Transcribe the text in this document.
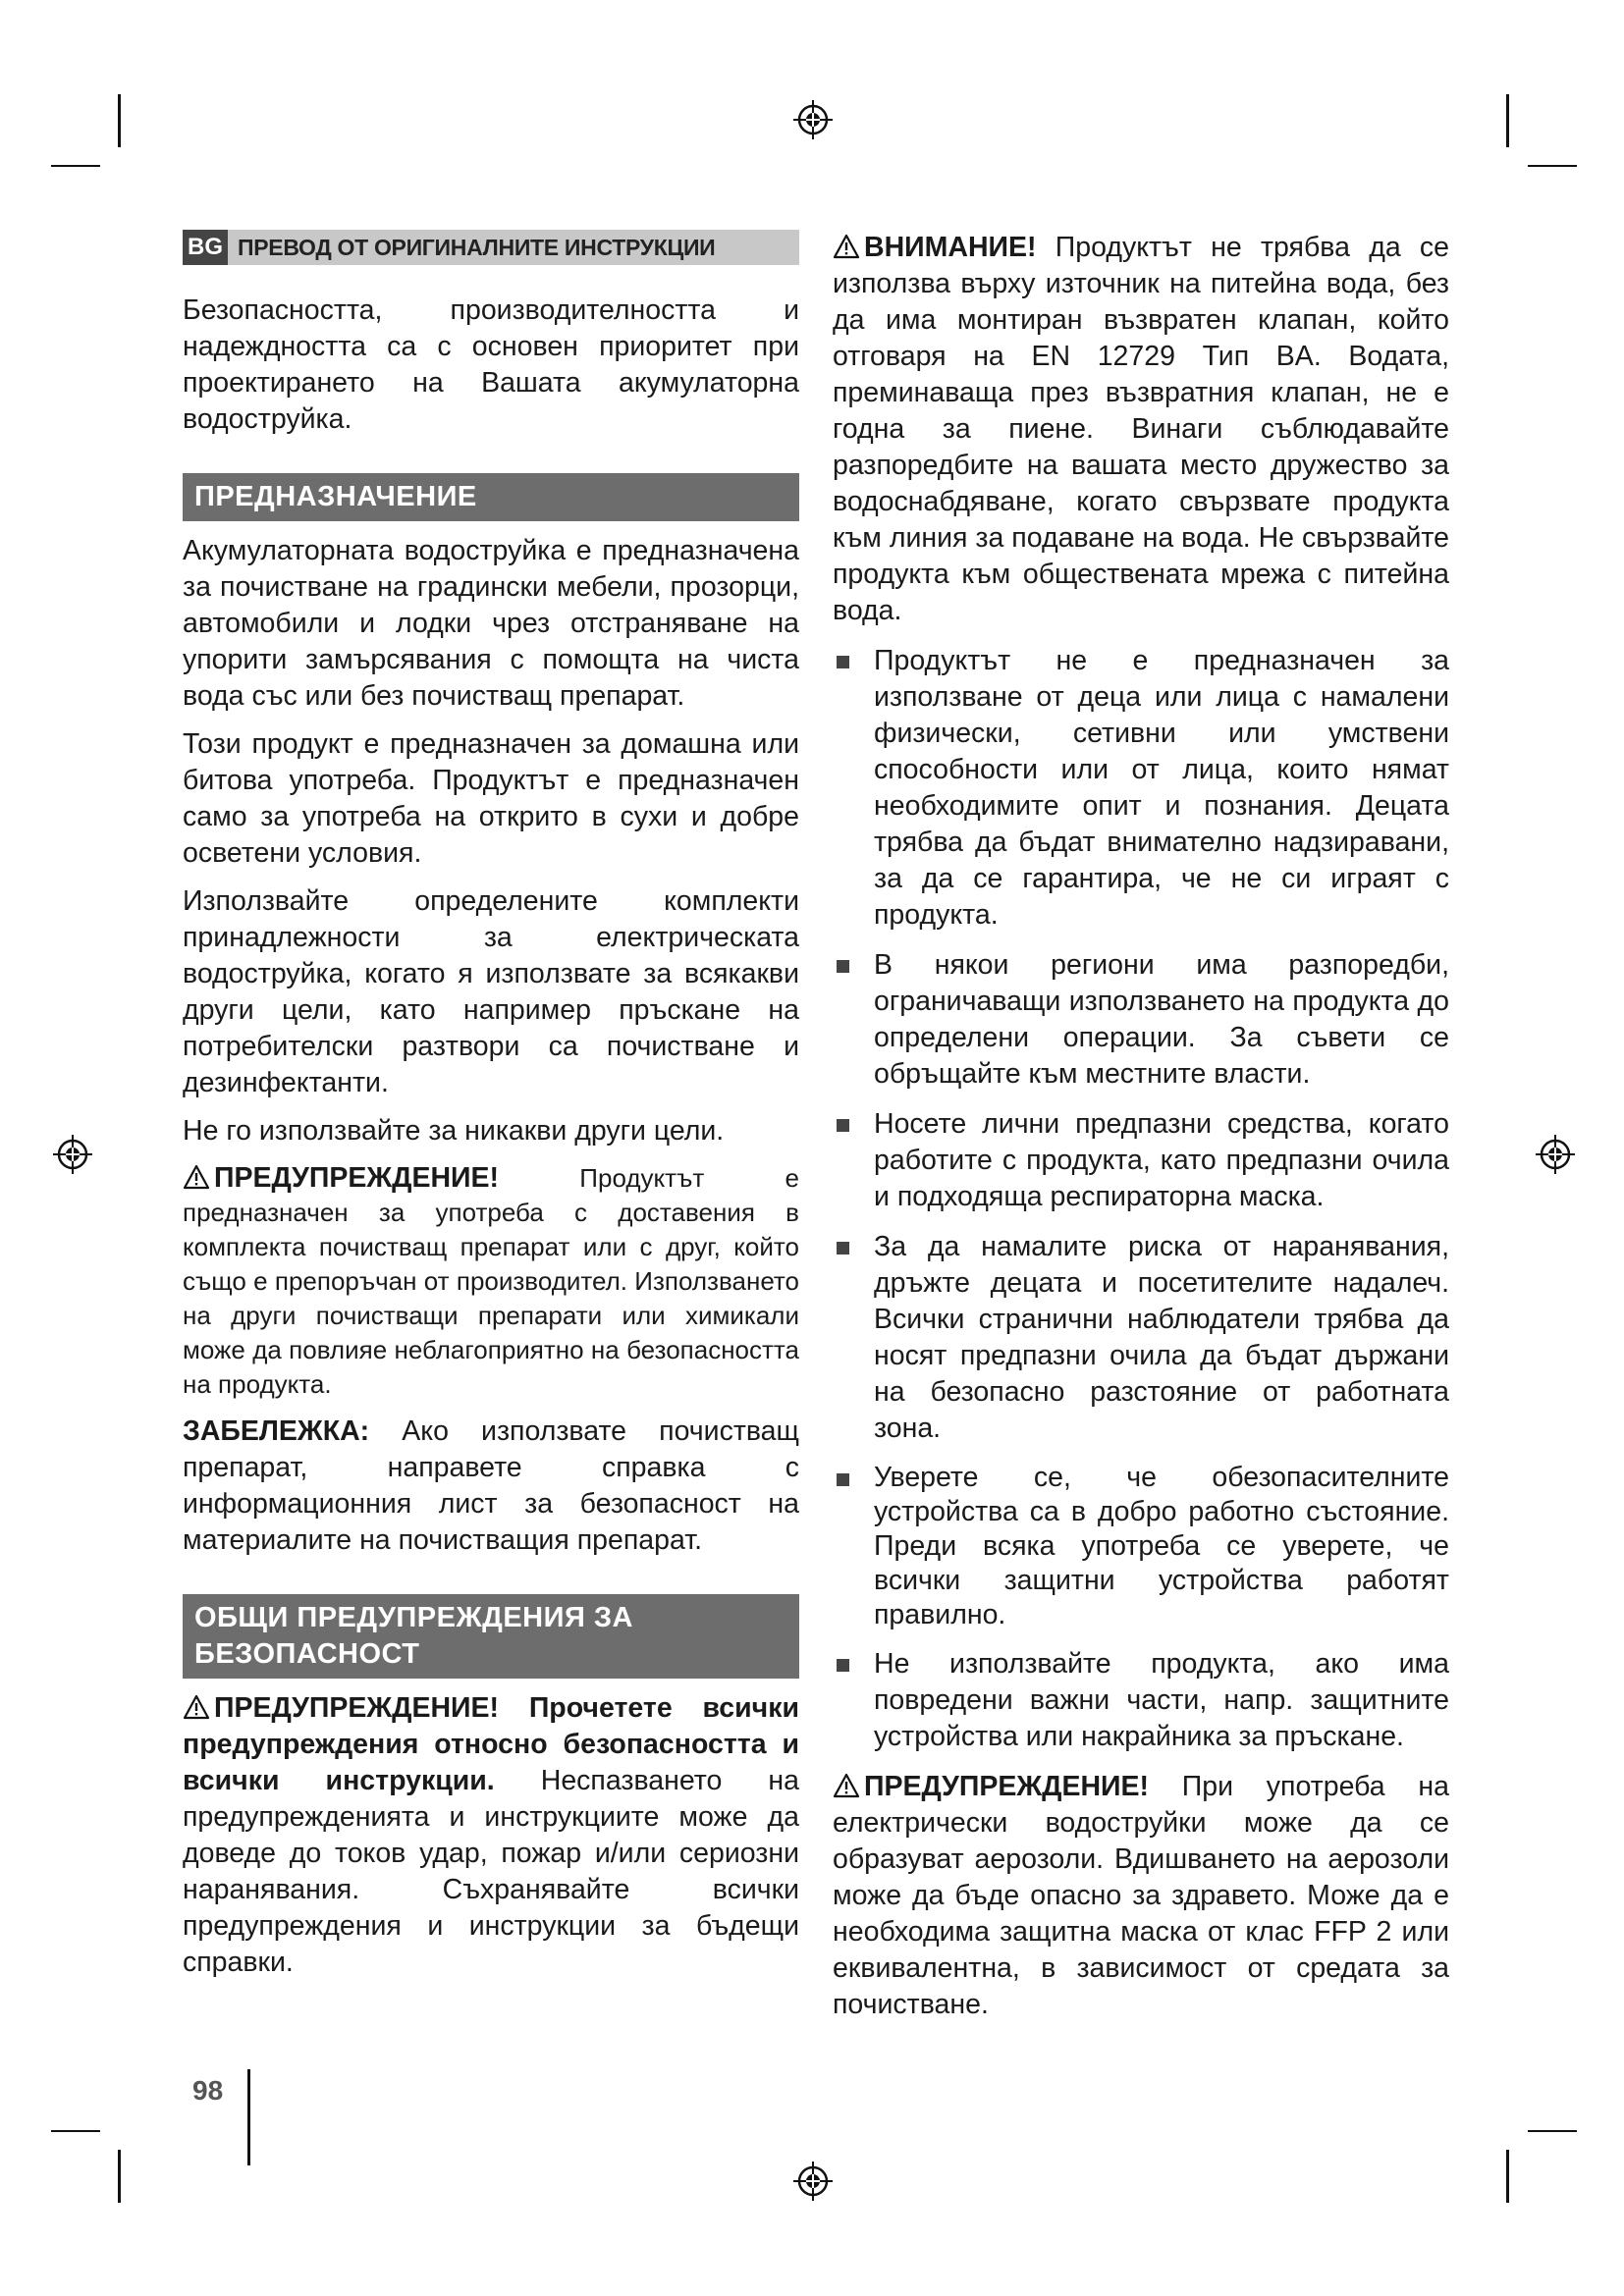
BG ПРЕВОД ОТ ОРИГИНАЛНИТЕ ИНСТРУКЦИИ

Безопасността, производителността и надеждността са с основен приоритет при проектирането на Вашата акумулаторна водоструйка.

ПРЕДНАЗНАЧЕНИЕ

Акумулаторната водоструйка е предназначена за почистване на градински мебели, прозорци, автомобили и лодки чрез отстраняване на упорити замърсявания с помощта на чиста вода със или без почистващ препарат.

Този продукт е предназначен за домашна или битова употреба. Продуктът е предназначен само за употреба на открито в сухи и добре осветени условия.

Използвайте определените комплекти принадлежности за електрическата водоструйка, когато я използвате за всякакви други цели, като например пръскане на потребителски разтвори са почистване и дезинфектанти.

Не го използвайте за никакви други цели.

ПРЕДУПРЕЖДЕНИЕ! Продуктът е предназначен за употреба с доставения в комплекта почистващ препарат или с друг, който също е препоръчан от производител. Използването на други почистващи препарати или химикали може да повлияе неблагоприятно на безопасността на продукта.

ЗАБЕЛЕЖКА: Ако използвате почистващ препарат, направете справка с информационния лист за безопасност на материалите на почистващия препарат.

ОБЩИ ПРЕДУПРЕЖДЕНИЯ ЗА БЕЗОПАСНОСТ

ПРЕДУПРЕЖДЕНИЕ! Прочетете всички предупреждения относно безопасността и всички инструкции. Неспазването на предупрежденията и инструкциите може да доведе до токов удар, пожар и/или сериозни наранявания. Съхранявайте всички предупреждения и инструкции за бъдещи справки.

ВНИМАНИЕ! Продуктът не трябва да се използва върху източник на питейна вода, без да има монтиран възвратен клапан, който отговаря на EN 12729 Тип BA. Водата, преминаваща през възвратния клапан, не е годна за пиене. Винаги съблюдавайте разпоредбите на вашата место дружество за водоснабдяване, когато свързвате продукта към линия за подаване на вода. Не свързвайте продукта към обществената мрежа с питейна вода.

Продуктът не е предназначен за използване от деца или лица с намалени физически, сетивни или умствени способности или от лица, които нямат необходимите опит и познания. Децата трябва да бъдат внимателно надзиравани, за да се гарантира, че не си играят с продукта.

В някои региони има разпоредби, ограничаващи използването на продукта до определени операции. За съвети се обръщайте към местните власти.

Носете лични предпазни средства, когато работите с продукта, като предпазни очила и подходяща респираторна маска.

За да намалите риска от наранявания, дръжте децата и посетителите надалеч. Всички странични наблюдатели трябва да носят предпазни очила да бъдат държани на безопасно разстояние от работната зона.

Уверете се, че обезопасителните устройства са в добро работно състояние. Преди всяка употреба се уверете, че всички защитни устройства работят правилно.

Не използвайте продукта, ако има повредени важни части, напр. защитните устройства или накрайника за пръскане.

ПРЕДУПРЕЖДЕНИЕ! При употреба на електрически водоструйки може да се образуват аерозоли. Вдишването на аерозоли може да бъде опасно за здравето. Може да е необходима защитна маска от клас FFP 2 или еквивалентна, в зависимост от средата за почистване.

98
